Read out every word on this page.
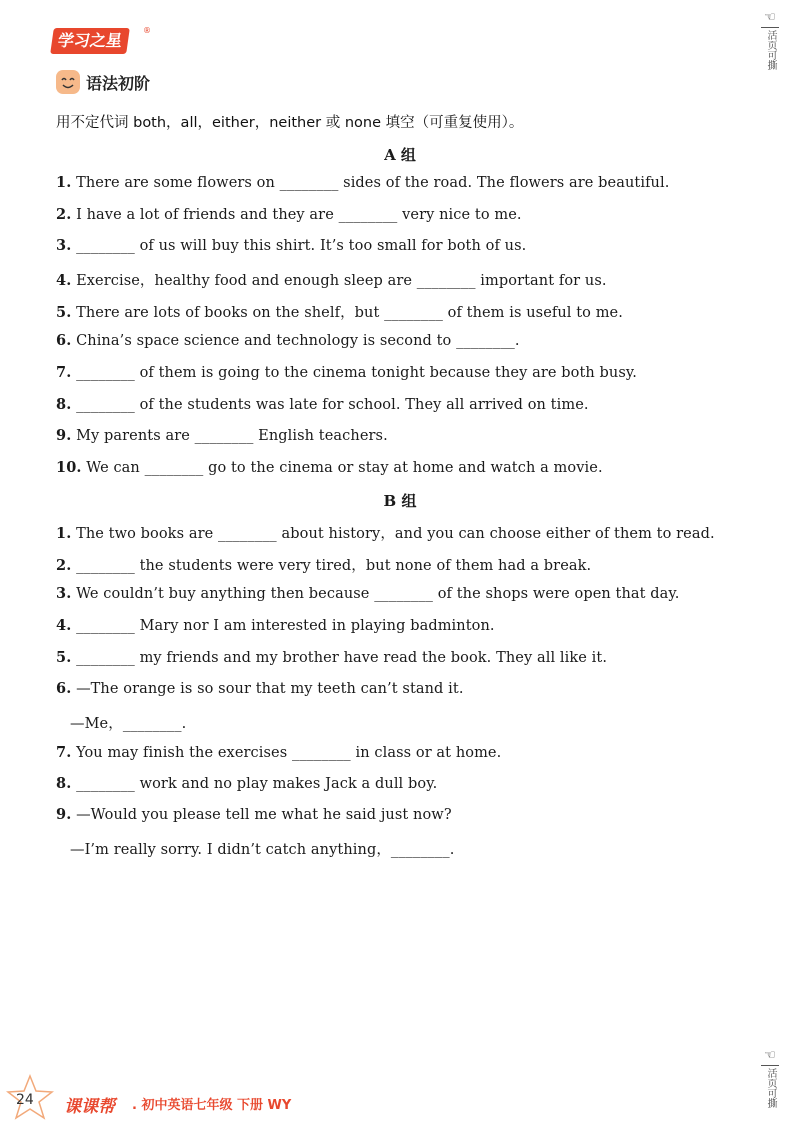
学习之星
®
语法初阶
用不定代词 both，all，either，neither 或 none 填空（可重复使用）。
A 组
1. There are some flowers on ________ sides of the road. The flowers are beautiful.
2. I have a lot of friends and they are ________ very nice to me.
3. ________ of us will buy this shirt. It’s too small for both of us.
4. Exercise，healthy food and enough sleep are ________ important for us.
5. There are lots of books on the shelf，but ________ of them is useful to me.
6. China’s space science and technology is second to ________.
7. ________ of them is going to the cinema tonight because they are both busy.
8. ________ of the students was late for school. They all arrived on time.
9. My parents are ________ English teachers.
10. We can ________ go to the cinema or stay at home and watch a movie.
B 组
1. The two books are ________ about history，and you can choose either of them to read.
2. ________ the students were very tired，but none of them had a break.
3. We couldn’t buy anything then because ________ of the shops were open that day.
4. ________ Mary nor I am interested in playing badminton.
5. ________ my friends and my brother have read the book. They all like it.
6. —The orange is so sour that my teeth can’t stand it.
—Me，________.
7. You may finish the exercises ________ in class or at home.
8. ________ work and no play makes Jack a dull boy.
9. —Would you please tell me what he said just now?
—I’m really sorry. I didn’t catch anything，________.
☜
活页可撕
☜
活页可撕
24 课课帮 . 初中英语七年级 下册 WY
